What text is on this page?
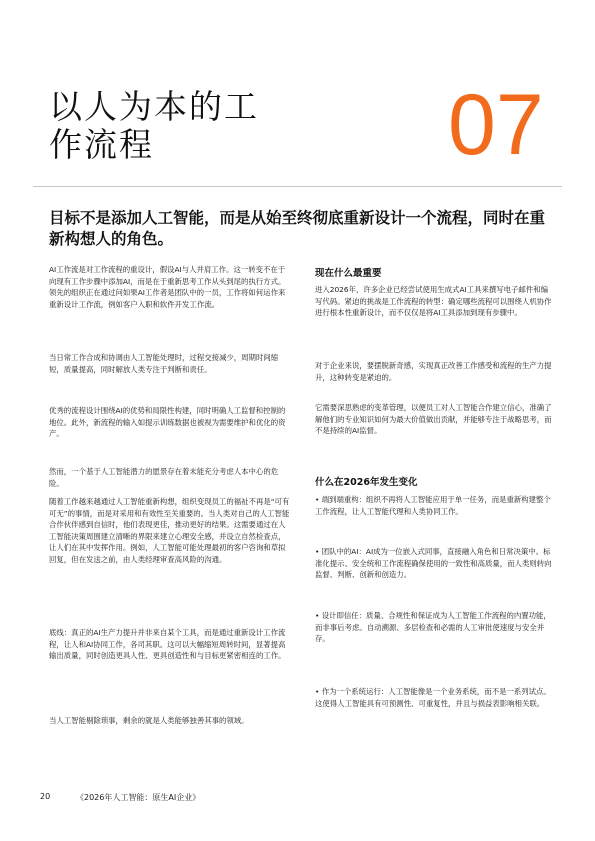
以人为本的工
作流程	07

目标不是添加人工智能，而是从始至终彻底重新设计一个流程，同时在重新构想人的角色。

AI工作流是对工作流程的重设计，假设AI与人并肩工作。这一转变不在于向现有工作步骤中添加AI，而是在于重新思考工作从头到尾的执行方式。领先的组织正在通过问如果AI工作者是团队中的一员，工作将如何运作来重新设计工作流，例如客户入职和软件开发工作流。

当日常工作合成和协调由人工智能处理时，过程交接减少，周期时间缩短，质量提高，同时解放人类专注于判断和责任。

优秀的流程设计围绕AI的优势和局限性构建，同时明确人工监督和控制的地位。此外，新流程的输入如提示训练数据也被视为需要维护和优化的资产。

然而，一个基于人工智能潜力的愿景存在着未能充分考虑人本中心的危险。

随着工作越来越通过人工智能重新构想，组织变现员工的福祉不再是“可有可无”的事情，而是对采用和有效性至关重要的。当人类对自己的人工智能合作伙伴感到自信时，他们表现更佳，推动更好的结果。这需要通过在人工智能决策周围建立清晰的界限来建立心理安全感，并设立自然检查点，让人们在其中发挥作用。例如，人工智能可能处理最初的客户咨询和草拟回复，但在发送之前，由人类经理审查高风险的沟通。

底线：真正的AI生产力提升并非来自某个工具，而是通过重新设计工作流程，让人和AI协同工作，各司其职。这可以大幅缩短周转时间，显著提高输出质量，同时创造更具人性、更具创造性和与目标更紧密相连的工作。

当人工智能剔除琐事，剩余的就是人类能够独善其事的领域。

现在什么最重要

进入2026年，许多企业已经尝试使用生成式AI工具来撰写电子邮件和编写代码。紧迫的挑战是工作流程的转型：确定哪些流程可以围绕人机协作进行根本性重新设计，而不仅仅是将AI工具添加到现有步骤中。

对于企业来说，要摆脱新奇感，实现真正改善工作感受和流程的生产力提升，这种转变是紧迫的。

它需要深思熟虑的变革管理，以便员工对人工智能合作建立信心，准确了解他们的专业知识如何为最大价值做出贡献，并能够专注于战略思考，而不是持续的AI监督。

什么在2026年发生变化

• 端到端重构：组织不再将人工智能应用于单一任务，而是重新构建整个工作流程，让人工智能代理和人类协同工作。

• 团队中的AI：AI成为一位嵌入式同事，直接融入角色和日常决策中。标准化提示、安全统和工作流程确保使用的一致性和高质量，而人类则转向监督、判断、创新和创造力。

• 设计即信任：质量、合规性和保证成为人工智能工作流程的内置功能，而非事后考虑。自动溯源、多层检查和必需的人工审批使速度与安全并存。

• 作为一个系统运行：人工智能像是一个业务系统，而不是一系列试点。这使得人工智能具有可预测性、可重复性，并且与损益表影响相关联。

20	《2026年人工智能：原生AI企业》
